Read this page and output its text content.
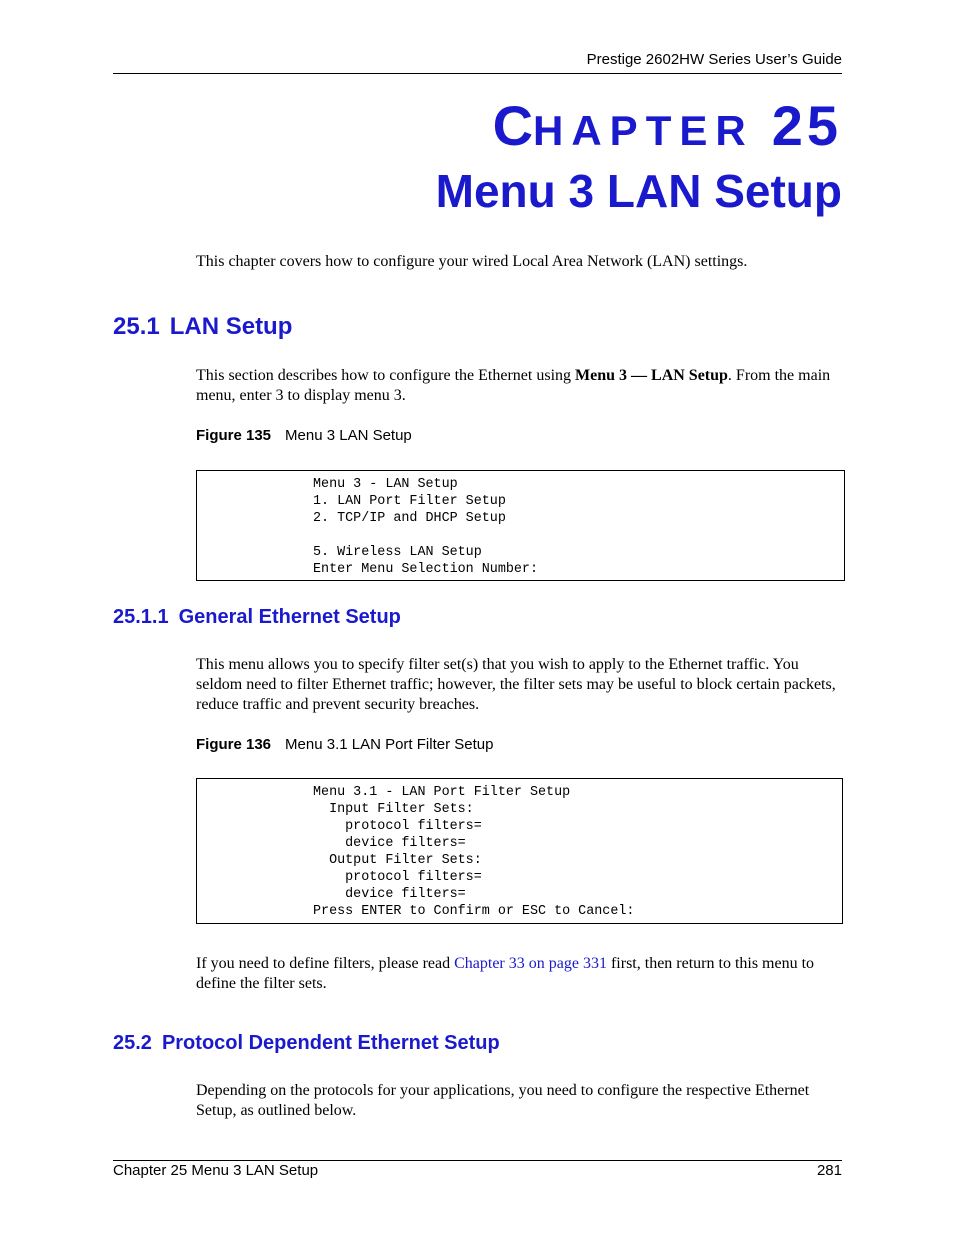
Prestige 2602HW Series User’s Guide
CHAPTER 25
Menu 3 LAN Setup
This chapter covers how to configure your wired Local Area Network (LAN) settings.
25.1 LAN Setup
This section describes how to configure the Ethernet using Menu 3 — LAN Setup. From the main menu, enter 3 to display menu 3.
Figure 135 Menu 3 LAN Setup
Menu 3 - LAN Setup
1. LAN Port Filter Setup
2. TCP/IP and DHCP Setup
5. Wireless LAN Setup
Enter Menu Selection Number:
25.1.1 General Ethernet Setup
This menu allows you to specify filter set(s) that you wish to apply to the Ethernet traffic. You seldom need to filter Ethernet traffic; however, the filter sets may be useful to block certain packets, reduce traffic and prevent security breaches.
Figure 136 Menu 3.1 LAN Port Filter Setup
Menu 3.1 - LAN Port Filter Setup
Input Filter Sets:
protocol filters=
device filters=
Output Filter Sets:
protocol filters=
device filters=
Press ENTER to Confirm or ESC to Cancel:
If you need to define filters, please read Chapter 33 on page 331 first, then return to this menu to define the filter sets.
25.2 Protocol Dependent Ethernet Setup
Depending on the protocols for your applications, you need to configure the respective Ethernet Setup, as outlined below.
Chapter 25 Menu 3 LAN Setup	281
